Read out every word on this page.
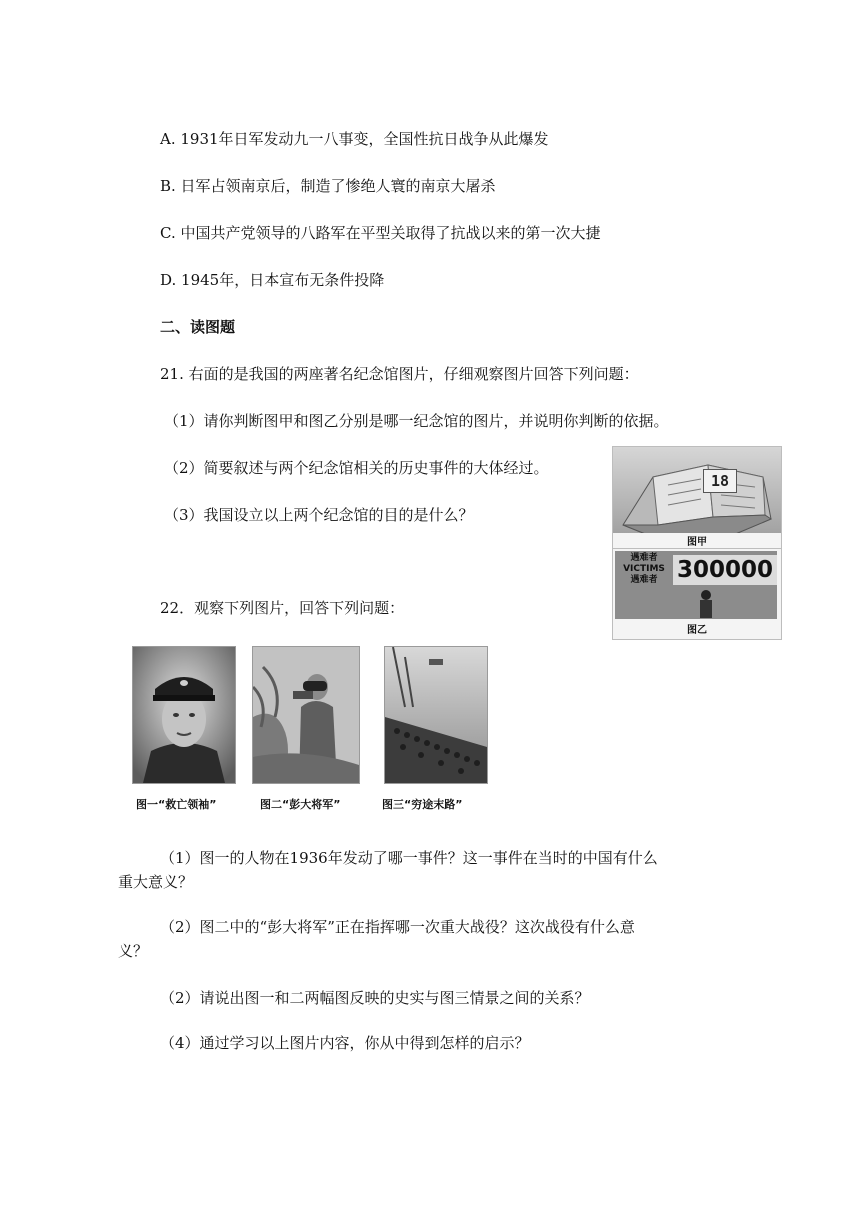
A. 1931年日军发动九一八事变，全国性抗日战争从此爆发
B. 日军占领南京后，制造了惨绝人寰的南京大屠杀
C. 中国共产党领导的八路军在平型关取得了抗战以来的第一次大捷
D. 1945年，日本宣布无条件投降
二、读图题
21. 右面的是我国的两座著名纪念馆图片，仔细观察图片回答下列问题：
（1）请你判断图甲和图乙分别是哪一纪念馆的图片，并说明你判断的依据。
（2）简要叙述与两个纪念馆相关的历史事件的大体经过。
（3）我国设立以上两个纪念馆的目的是什么？
18
图甲
遇难者
VICTIMS
遇难者 300000
图乙
22．观察下列图片，回答下列问题：
图一“救亡领袖”	图二“彭大将军”	图三“穷途末路”
（1）图一的人物在1936年发动了哪一事件？这一事件在当时的中国有什么
重大意义？
（2）图二中的“彭大将军”正在指挥哪一次重大战役？这次战役有什么意
义？
（2）请说出图一和二两幅图反映的史实与图三情景之间的关系？
（4）通过学习以上图片内容，你从中得到怎样的启示？
